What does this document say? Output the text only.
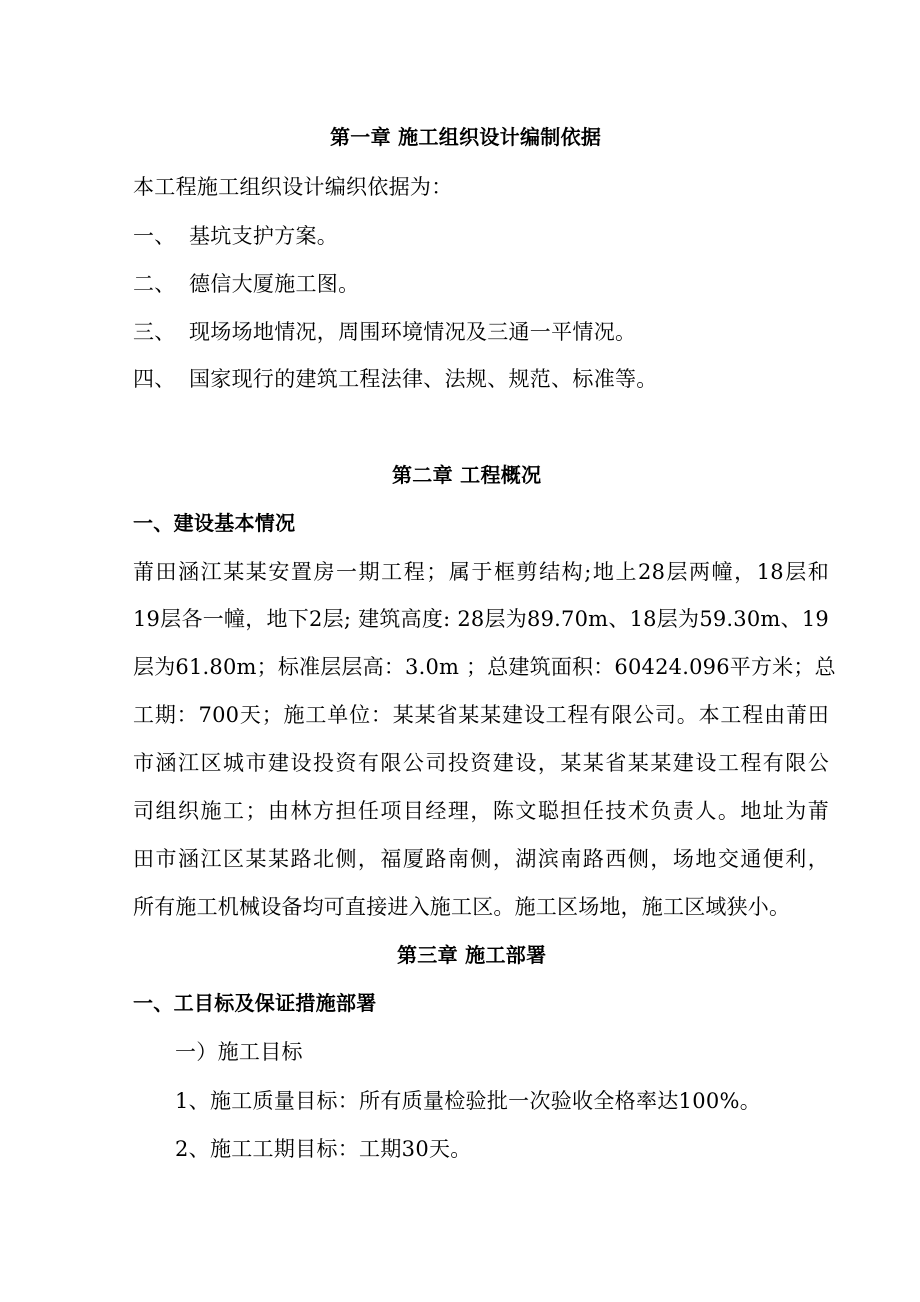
第一章 施工组织设计编制依据
本工程施工组织设计编织依据为：
一、 基坑支护方案。
二、 德信大厦施工图。
三、 现场场地情况，周围环境情况及三通一平情况。
四、 国家现行的建筑工程法律、法规、规范、标准等。
第二章 工程概况
一、建设基本情况
莆田涵江某某安置房一期工程；属于框剪结构;地上28层两幢，18层和
19层各一幢，地下2层; 建筑高度: 28层为89.70m、18层为59.30m、19
层为61.80m；标准层层高：3.0m ；总建筑面积：60424.096平方米；总
工期：700天；施工单位：某某省某某建设工程有限公司。本工程由莆田
市涵江区城市建设投资有限公司投资建设，某某省某某建设工程有限公
司组织施工；由林方担任项目经理，陈文聪担任技术负责人。地址为莆
田市涵江区某某路北侧，福厦路南侧，湖滨南路西侧，场地交通便利，
所有施工机械设备均可直接进入施工区。施工区场地，施工区域狭小。
第三章 施工部署
一、工目标及保证措施部署
一）施工目标
1、施工质量目标：所有质量检验批一次验收全格率达100%。
2、施工工期目标：工期30天。
